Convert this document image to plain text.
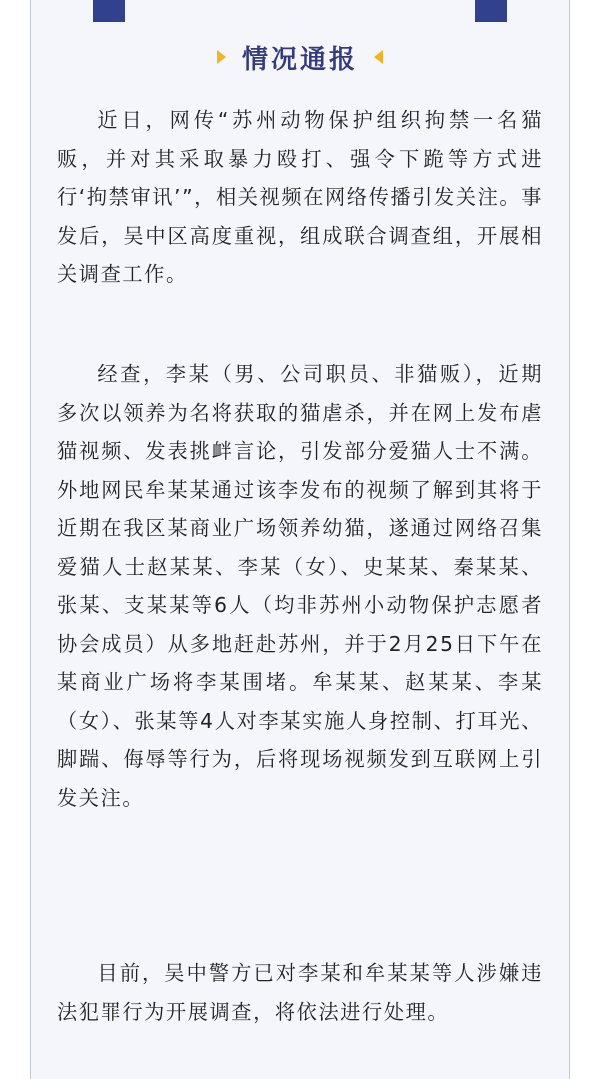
情况通报

近日，网传“苏州动物保护组织拘禁一名猫贩，并对其采取暴力殴打、强令下跪等方式进行‘拘禁审讯’”，相关视频在网络传播引发关注。事发后，吴中区高度重视，组成联合调查组，开展相关调查工作。

经查，李某（男、公司职员、非猫贩），近期多次以领养为名将获取的猫虐杀，并在网上发布虐猫视频、发表挑衅言论，引发部分爱猫人士不满。外地网民牟某某通过该李发布的视频了解到其将于近期在我区某商业广场领养幼猫，遂通过网络召集爱猫人士赵某某、李某（女）、史某某、秦某某、张某、支某某等6人（均非苏州小动物保护志愿者协会成员）从多地赶赴苏州，并于2月25日下午在某商业广场将李某围堵。牟某某、赵某某、李某（女）、张某等4人对李某实施人身控制、打耳光、脚踹、侮辱等行为，后将现场视频发到互联网上引发关注。

目前，吴中警方已对李某和牟某某等人涉嫌违法犯罪行为开展调查，将依法进行处理。
